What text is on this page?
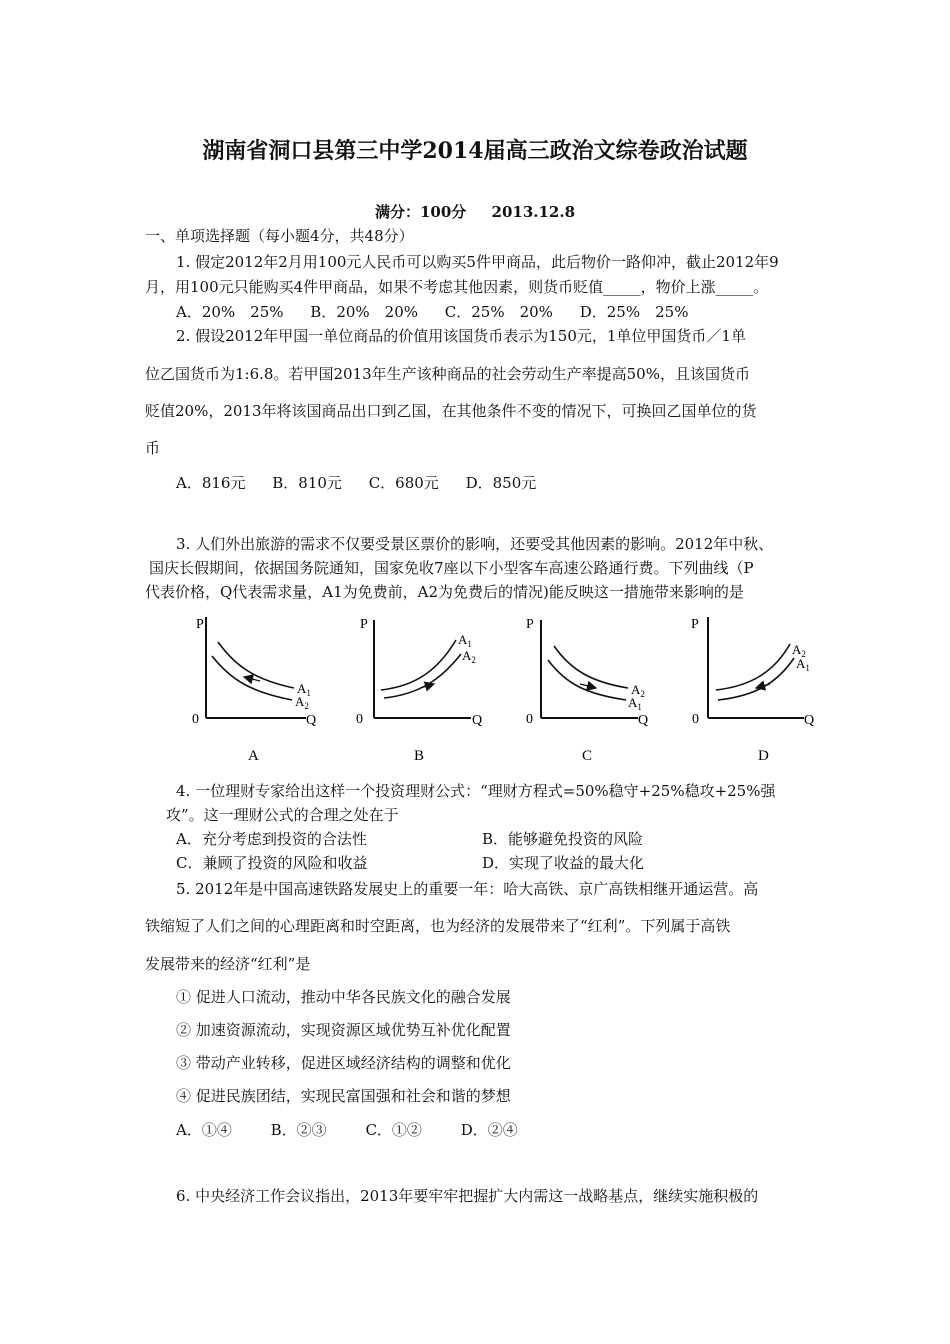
湖南省洞口县第三中学2014届高三政治文综卷政治试题
满分：100分 2013.12.8
一、单项选择题（每小题4分，共48分）
1. 假定2012年2月用100元人民币可以购买5件甲商品，此后物价一路仰冲，截止2012年9
月，用100元只能购买4件甲商品，如果不考虑其他因素，则货币贬值_____，物价上涨_____。
A．20%　25% B．20%　20% C．25%　20% D．25%　25%
2. 假设2012年甲国一单位商品的价值用该国货币表示为150元，1单位甲国货币／1单
位乙国货币为1:6.8。若甲国2013年生产该种商品的社会劳动生产率提高50%，且该国货币
贬值20%，2013年将该国商品出口到乙国，在其他条件不变的情况下，可换回乙国单位的货
币
A．816元 B．810元 C．680元 D．850元
3. 人们外出旅游的需求不仅要受景区票价的影响，还要受其他因素的影响。2012年中秋、
国庆长假期间，依据国务院通知，国家免收7座以下小型客车高速公路通行费。下列曲线（P
代表价格，Q代表需求量，A1为免费前，A2为免费后的情况)能反映这一措施带来影响的是
P
Q
0
$A_1$
$A_2$
A
P
Q
0
$A_1$
$A_2$
B
P
Q
0
$A_2$
$A_1$
C
P
Q
0
$A_2$
$A_1$
D
4. 一位理财专家给出这样一个投资理财公式：“理财方程式=50%稳守+25%稳攻+25%强
攻”。这一理财公式的合理之处在于
A．充分考虑到投资的合法性	B．能够避免投资的风险
C．兼顾了投资的风险和收益	D．实现了收益的最大化
5. 2012年是中国高速铁路发展史上的重要一年：哈大高铁、京广高铁相继开通运营。高
铁缩短了人们之间的心理距离和时空距离，也为经济的发展带来了“红利”。下列属于高铁
发展带来的经济“红利”是
① 促进人口流动，推动中华各民族文化的融合发展
② 加速资源流动，实现资源区域优势互补优化配置
③ 带动产业转移，促进区域经济结构的调整和优化
④ 促进民族团结，实现民富国强和社会和谐的梦想
A．①④	B．②③	C．①②	D．②④
6. 中央经济工作会议指出，2013年要牢牢把握扩大内需这一战略基点，继续实施积极的
